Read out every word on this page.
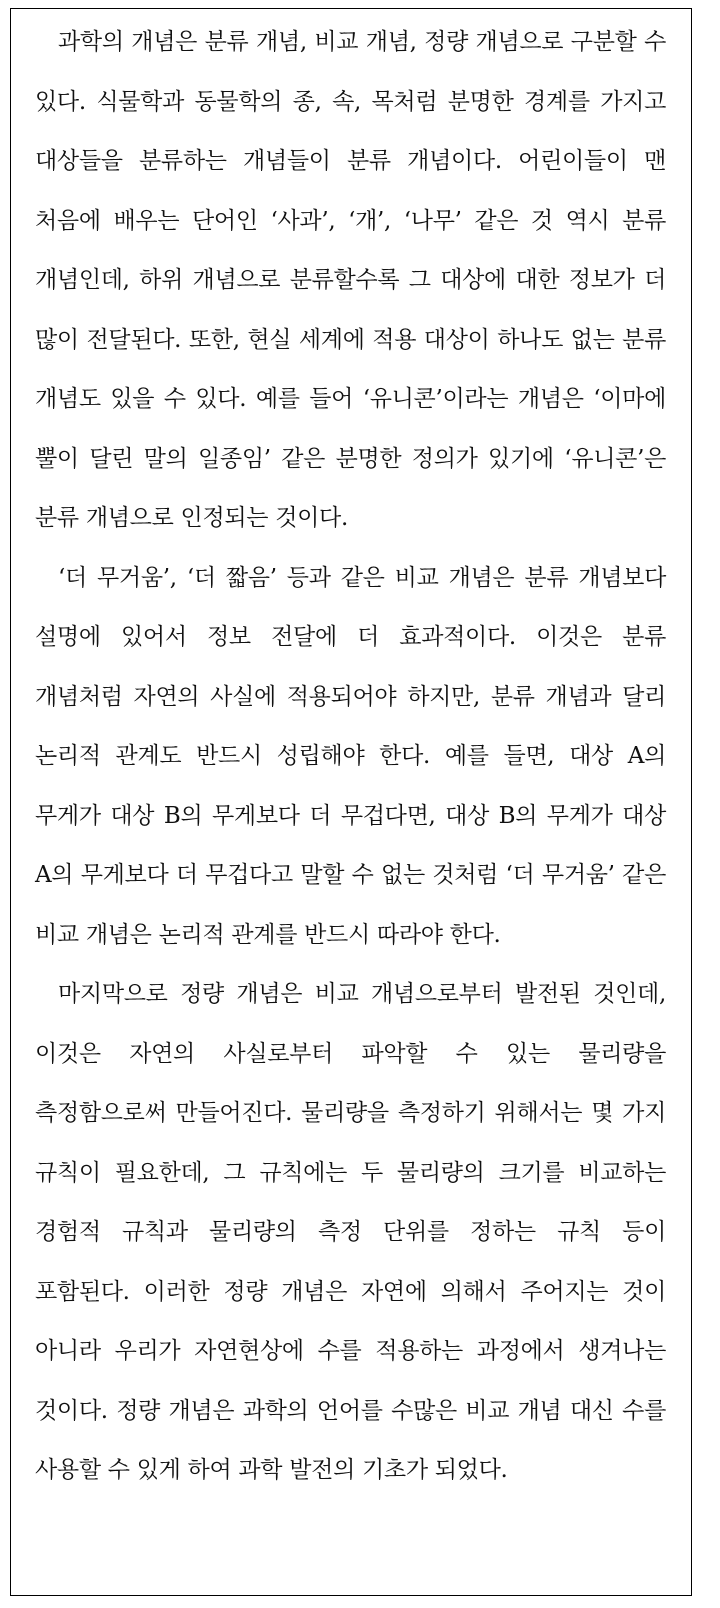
과학의 개념은 분류 개념, 비교 개념, 정량 개념으로 구분할 수 있다. 식물학과 동물학의 종, 속, 목처럼 분명한 경계를 가지고 대상들을 분류하는 개념들이 분류 개념이다. 어린이들이 맨 처음에 배우는 단어인 ‘사과’, ‘개’, ‘나무’ 같은 것 역시 분류 개념인데, 하위 개념으로 분류할수록 그 대상에 대한 정보가 더 많이 전달된다. 또한, 현실 세계에 적용 대상이 하나도 없는 분류 개념도 있을 수 있다. 예를 들어 ‘유니콘’이라는 개념은 ‘이마에 뿔이 달린 말의 일종임’ 같은 분명한 정의가 있기에 ‘유니콘’은 분류 개념으로 인정되는 것이다.

‘더 무거움’, ‘더 짧음’ 등과 같은 비교 개념은 분류 개념보다 설명에 있어서 정보 전달에 더 효과적이다. 이것은 분류 개념처럼 자연의 사실에 적용되어야 하지만, 분류 개념과 달리 논리적 관계도 반드시 성립해야 한다. 예를 들면, 대상 A의 무게가 대상 B의 무게보다 더 무겁다면, 대상 B의 무게가 대상 A의 무게보다 더 무겁다고 말할 수 없는 것처럼 ‘더 무거움’ 같은 비교 개념은 논리적 관계를 반드시 따라야 한다.

마지막으로 정량 개념은 비교 개념으로부터 발전된 것인데, 이것은 자연의 사실로부터 파악할 수 있는 물리량을 측정함으로써 만들어진다. 물리량을 측정하기 위해서는 몇 가지 규칙이 필요한데, 그 규칙에는 두 물리량의 크기를 비교하는 경험적 규칙과 물리량의 측정 단위를 정하는 규칙 등이 포함된다. 이러한 정량 개념은 자연에 의해서 주어지는 것이 아니라 우리가 자연현상에 수를 적용하는 과정에서 생겨나는 것이다. 정량 개념은 과학의 언어를 수많은 비교 개념 대신 수를 사용할 수 있게 하여 과학 발전의 기초가 되었다.
